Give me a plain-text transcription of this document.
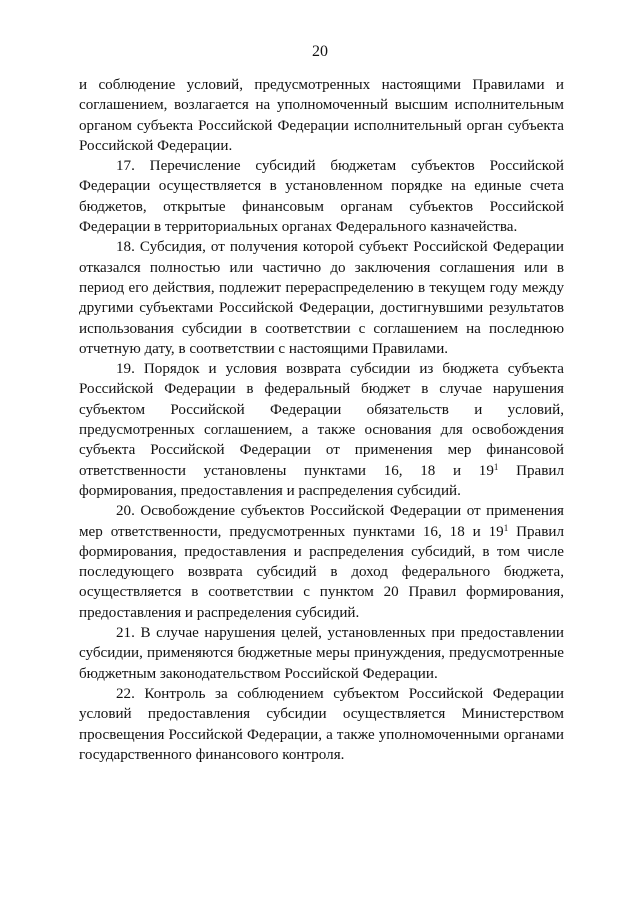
20

и соблюдение условий, предусмотренных настоящими Правилами и соглашением, возлагается на уполномоченный высшим исполнительным органом субъекта Российской Федерации исполнительный орган субъекта Российской Федерации.

17. Перечисление субсидий бюджетам субъектов Российской Федерации осуществляется в установленном порядке на единые счета бюджетов, открытые финансовым органам субъектов Российской Федерации в территориальных органах Федерального казначейства.

18. Субсидия, от получения которой субъект Российской Федерации отказался полностью или частично до заключения соглашения или в период его действия, подлежит перераспределению в текущем году между другими субъектами Российской Федерации, достигнувшими результатов использования субсидии в соответствии с соглашением на последнюю отчетную дату, в соответствии с настоящими Правилами.

19. Порядок и условия возврата субсидии из бюджета субъекта Российской Федерации в федеральный бюджет в случае нарушения субъектом Российской Федерации обязательств и условий, предусмотренных соглашением, а также основания для освобождения субъекта Российской Федерации от применения мер финансовой ответственности установлены пунктами 16, 18 и $19^1$ Правил формирования, предоставления и распределения субсидий.

20. Освобождение субъектов Российской Федерации от применения мер ответственности, предусмотренных пунктами 16, 18 и $19^1$ Правил формирования, предоставления и распределения субсидий, в том числе последующего возврата субсидий в доход федерального бюджета, осуществляется в соответствии с пунктом 20 Правил формирования, предоставления и распределения субсидий.

21. В случае нарушения целей, установленных при предоставлении субсидии, применяются бюджетные меры принуждения, предусмотренные бюджетным законодательством Российской Федерации.

22. Контроль за соблюдением субъектом Российской Федерации условий предоставления субсидии осуществляется Министерством просвещения Российской Федерации, а также уполномоченными органами государственного финансового контроля.
